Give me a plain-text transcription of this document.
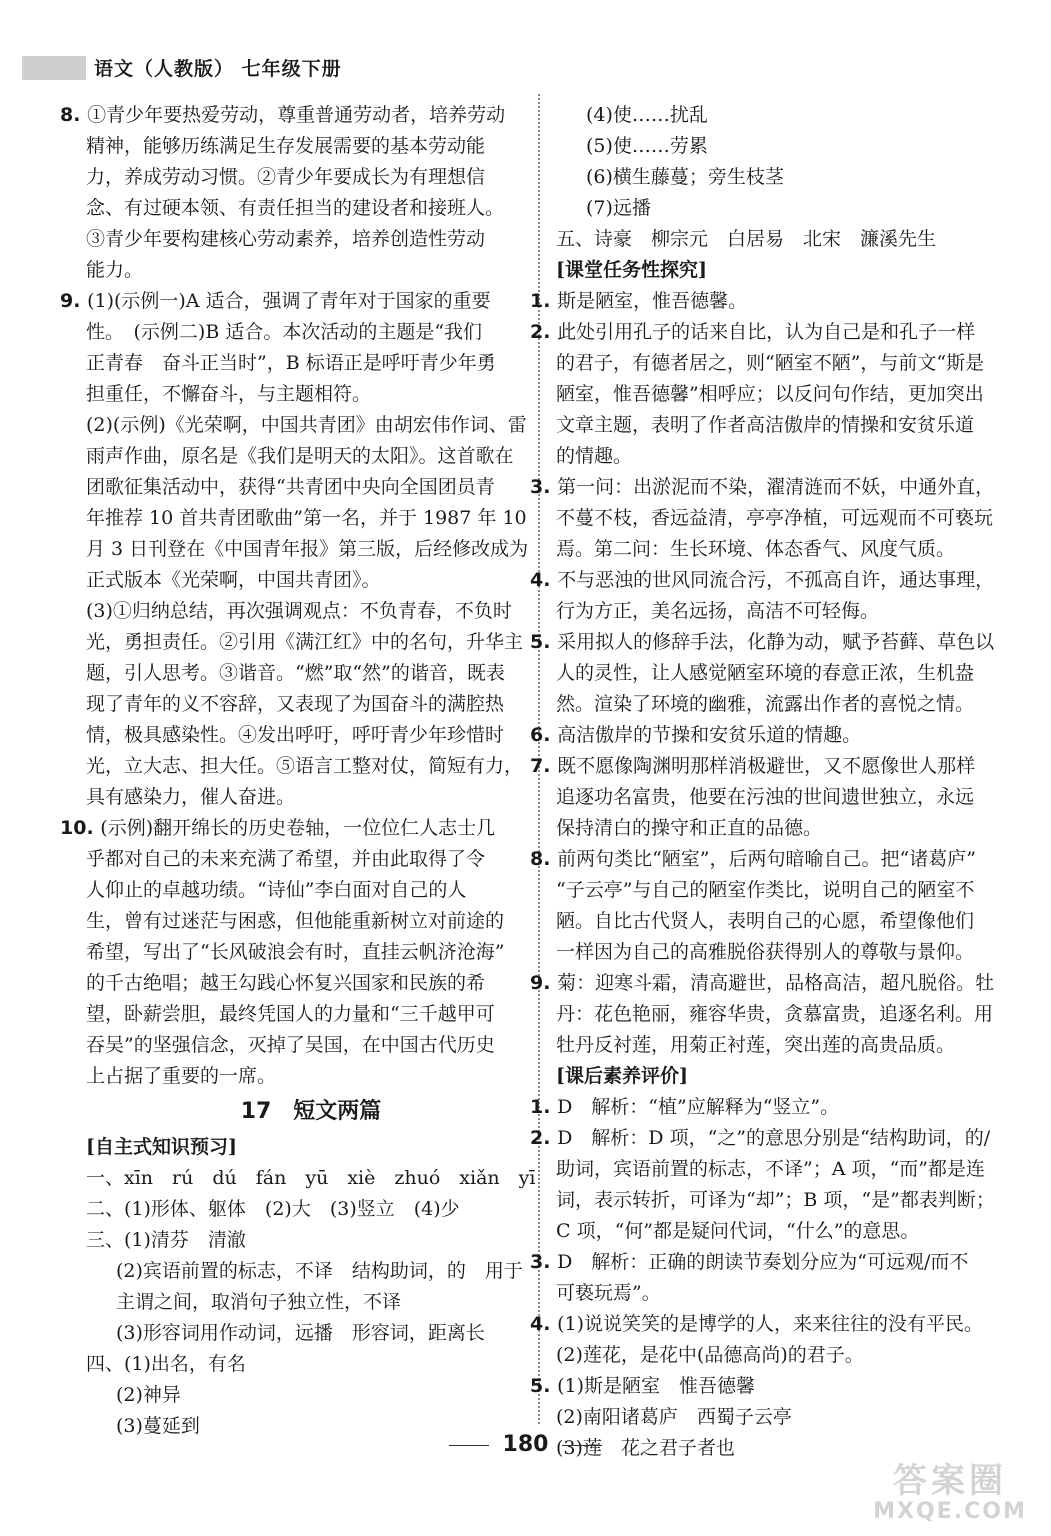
语文（人教版） 七年级下册
8. ①青少年要热爱劳动，尊重普通劳动者，培养劳动
精神，能够历练满足生存发展需要的基本劳动能
力，养成劳动习惯。②青少年要成长为有理想信
念、有过硬本领、有责任担当的建设者和接班人。
③青少年要构建核心劳动素养，培养创造性劳动
能力。
9. (1)(示例一)A 适合，强调了青年对于国家的重要
性。　(示例二)B 适合。本次活动的主题是“我们
正青春　奋斗正当时”，B 标语正是呼吁青少年勇
担重任，不懈奋斗，与主题相符。
(2)(示例)《光荣啊，中国共青团》由胡宏伟作词、雷
雨声作曲，原名是《我们是明天的太阳》。这首歌在
团歌征集活动中，获得“共青团中央向全国团员青
年推荐 10 首共青团歌曲”第一名，并于 1987 年 10
月 3 日刊登在《中国青年报》第三版，后经修改成为
正式版本《光荣啊，中国共青团》。
(3)①归纳总结，再次强调观点：不负青春，不负时
光，勇担责任。②引用《满江红》中的名句，升华主
题，引人思考。③谐音。“燃”取“然”的谐音，既表
现了青年的义不容辞，又表现了为国奋斗的满腔热
情，极具感染性。④发出呼吁，呼吁青少年珍惜时
光，立大志、担大任。⑤语言工整对仗，简短有力，
具有感染力，催人奋进。
10. (示例)翻开绵长的历史卷轴，一位位仁人志士几
乎都对自己的未来充满了希望，并由此取得了令
人仰止的卓越功绩。“诗仙”李白面对自己的人
生，曾有过迷茫与困惑，但他能重新树立对前途的
希望，写出了“长风破浪会有时，直挂云帆济沧海”
的千古绝唱；越王勾践心怀复兴国家和民族的希
望，卧薪尝胆，最终凭国人的力量和“三千越甲可
吞吴”的坚强信念，灭掉了吴国，在中国古代历史
上占据了重要的一席。
17　短文两篇
[自主式知识预习]
一、xīn　rú　dú　fán　yū　xiè　zhuó　xiǎn　yī
二、(1)形体、躯体　(2)大　(3)竖立　(4)少
三、(1)清芬　清澈
(2)宾语前置的标志，不译　结构助词，的　用于
主谓之间，取消句子独立性，不译
(3)形容词用作动词，远播　形容词，距离长
四、(1)出名，有名
(2)神异
(3)蔓延到
(4)使……扰乱
(5)使……劳累
(6)横生藤蔓；旁生枝茎
(7)远播
五、诗豪　柳宗元　白居易　北宋　濂溪先生
[课堂任务性探究]
1. 斯是陋室，惟吾德馨。
2. 此处引用孔子的话来自比，认为自己是和孔子一样
的君子，有德者居之，则“陋室不陋”，与前文“斯是
陋室，惟吾德馨”相呼应；以反问句作结，更加突出
文章主题，表明了作者高洁傲岸的情操和安贫乐道
的情趣。
3. 第一问：出淤泥而不染，濯清涟而不妖，中通外直，
不蔓不枝，香远益清，亭亭净植，可远观而不可亵玩
焉。第二问：生长环境、体态香气、风度气质。
4. 不与恶浊的世风同流合污，不孤高自许，通达事理，
行为方正，美名远扬，高洁不可轻侮。
5. 采用拟人的修辞手法，化静为动，赋予苔藓、草色以
人的灵性，让人感觉陋室环境的春意正浓，生机盎
然。渲染了环境的幽雅，流露出作者的喜悦之情。
6. 高洁傲岸的节操和安贫乐道的情趣。
7. 既不愿像陶渊明那样消极避世，又不愿像世人那样
追逐功名富贵，他要在污浊的世间遗世独立，永远
保持清白的操守和正直的品德。
8. 前两句类比“陋室”，后两句暗喻自己。把“诸葛庐”
“子云亭”与自己的陋室作类比，说明自己的陋室不
陋。自比古代贤人，表明自己的心愿，希望像他们
一样因为自己的高雅脱俗获得别人的尊敬与景仰。
9. 菊：迎寒斗霜，清高避世，品格高洁，超凡脱俗。牡
丹：花色艳丽，雍容华贵，贪慕富贵，追逐名利。用
牡丹反衬莲，用菊正衬莲，突出莲的高贵品质。
[课后素养评价]
1. D　解析：“植”应解释为“竖立”。
2. D　解析：D 项，“之”的意思分别是“结构助词，的/
助词，宾语前置的标志，不译”；A 项，“而”都是连
词，表示转折，可译为“却”；B 项，“是”都表判断；
C 项，“何”都是疑问代词，“什么”的意思。
3. D　解析：正确的朗读节奏划分应为“可远观/而不
可亵玩焉”。
4. (1)说说笑笑的是博学的人，来来往往的没有平民。
(2)莲花，是花中(品德高尚)的君子。
5. (1)斯是陋室　惟吾德馨
(2)南阳诸葛庐　西蜀子云亭
(3)莲　花之君子者也
180
答案圈
MXQE.COM
